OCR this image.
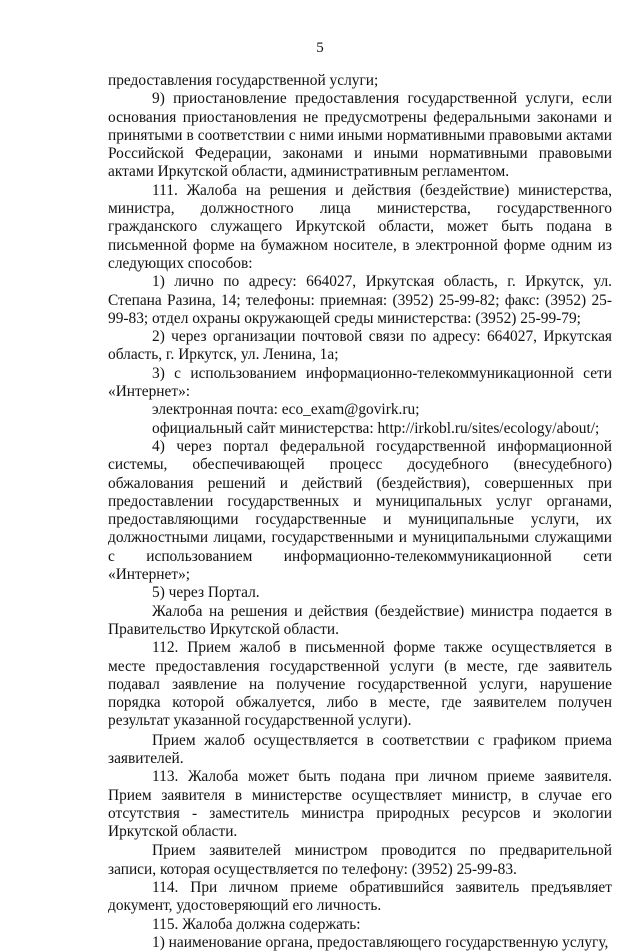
5

предоставления государственной услуги;

9) приостановление предоставления государственной услуги, если основания приостановления не предусмотрены федеральными законами и принятыми в соответствии с ними иными нормативными правовыми актами Российской Федерации, законами и иными нормативными правовыми актами Иркутской области, административным регламентом.

111. Жалоба на решения и действия (бездействие) министерства, министра, должностного лица министерства, государственного гражданского служащего Иркутской области, может быть подана в письменной форме на бумажном носителе, в электронной форме одним из следующих способов:

1) лично по адресу: 664027, Иркутская область, г. Иркутск, ул. Степана Разина, 14; телефоны: приемная: (3952) 25-99-82; факс: (3952) 25-99-83; отдел охраны окружающей среды министерства: (3952) 25-99-79;

2) через организации почтовой связи по адресу: 664027, Иркутская область, г. Иркутск, ул. Ленина, 1а;

3) с использованием информационно-телекоммуникационной сети «Интернет»:

электронная почта: eco_exam@govirk.ru;

официальный сайт министерства: http://irkobl.ru/sites/ecology/about/;

4) через портал федеральной государственной информационной системы, обеспечивающей процесс досудебного (внесудебного) обжалования решений и действий (бездействия), совершенных при предоставлении государственных и муниципальных услуг органами, предоставляющими государственные и муниципальные услуги, их должностными лицами, государственными и муниципальными служащими с использованием информационно-телекоммуникационной сети «Интернет»;

5) через Портал.

Жалоба на решения и действия (бездействие) министра подается в Правительство Иркутской области.

112. Прием жалоб в письменной форме также осуществляется в месте предоставления государственной услуги (в месте, где заявитель подавал заявление на получение государственной услуги, нарушение порядка которой обжалуется, либо в месте, где заявителем получен результат указанной государственной услуги).

Прием жалоб осуществляется в соответствии с графиком приема заявителей.

113. Жалоба может быть подана при личном приеме заявителя. Прием заявителя в министерстве осуществляет министр, в случае его отсутствия - заместитель министра природных ресурсов и экологии Иркутской области.

Прием заявителей министром проводится по предварительной записи, которая осуществляется по телефону: (3952) 25-99-83.

114. При личном приеме обратившийся заявитель предъявляет документ, удостоверяющий его личность.

115. Жалоба должна содержать:

1) наименование органа, предоставляющего государственную услугу,
